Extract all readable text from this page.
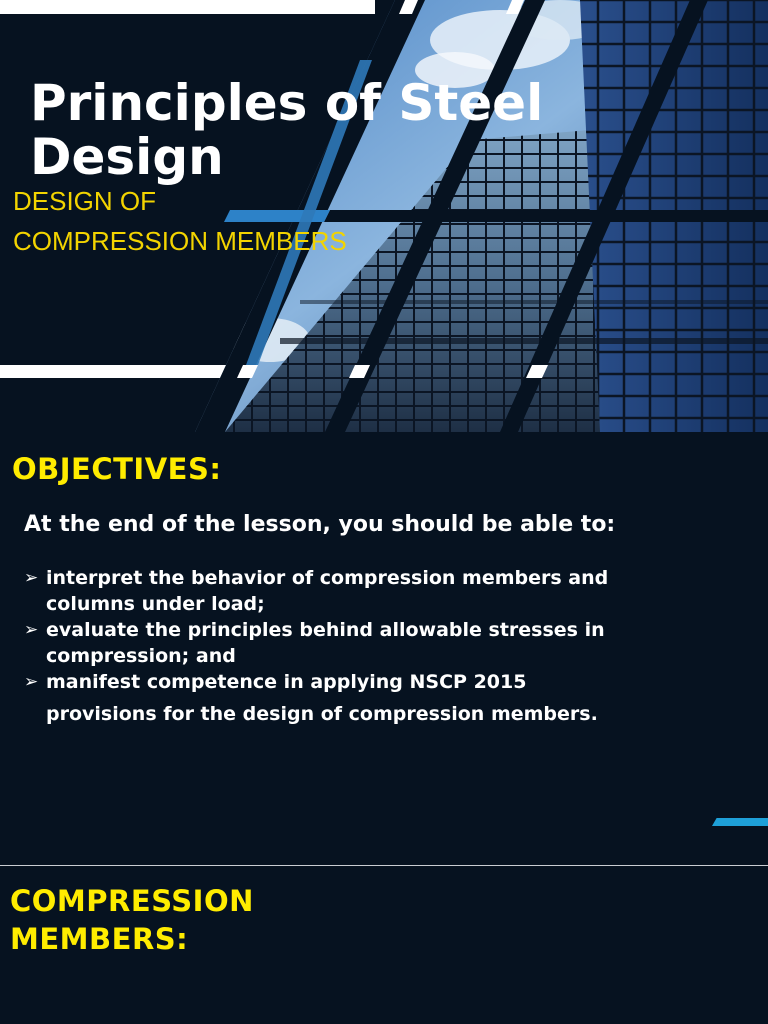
Principles of Steel Design
DESIGN OF
COMPRESSION MEMBERS
OBJECTIVES:
At the end of the lesson, you should be able to:
➢ interpret the behavior of compression members and
columns under load;
➢ evaluate the principles behind allowable stresses in
compression; and
➢ manifest competence in applying NSCP 2015
provisions for the design of compression members.
COMPRESSION
MEMBERS:
